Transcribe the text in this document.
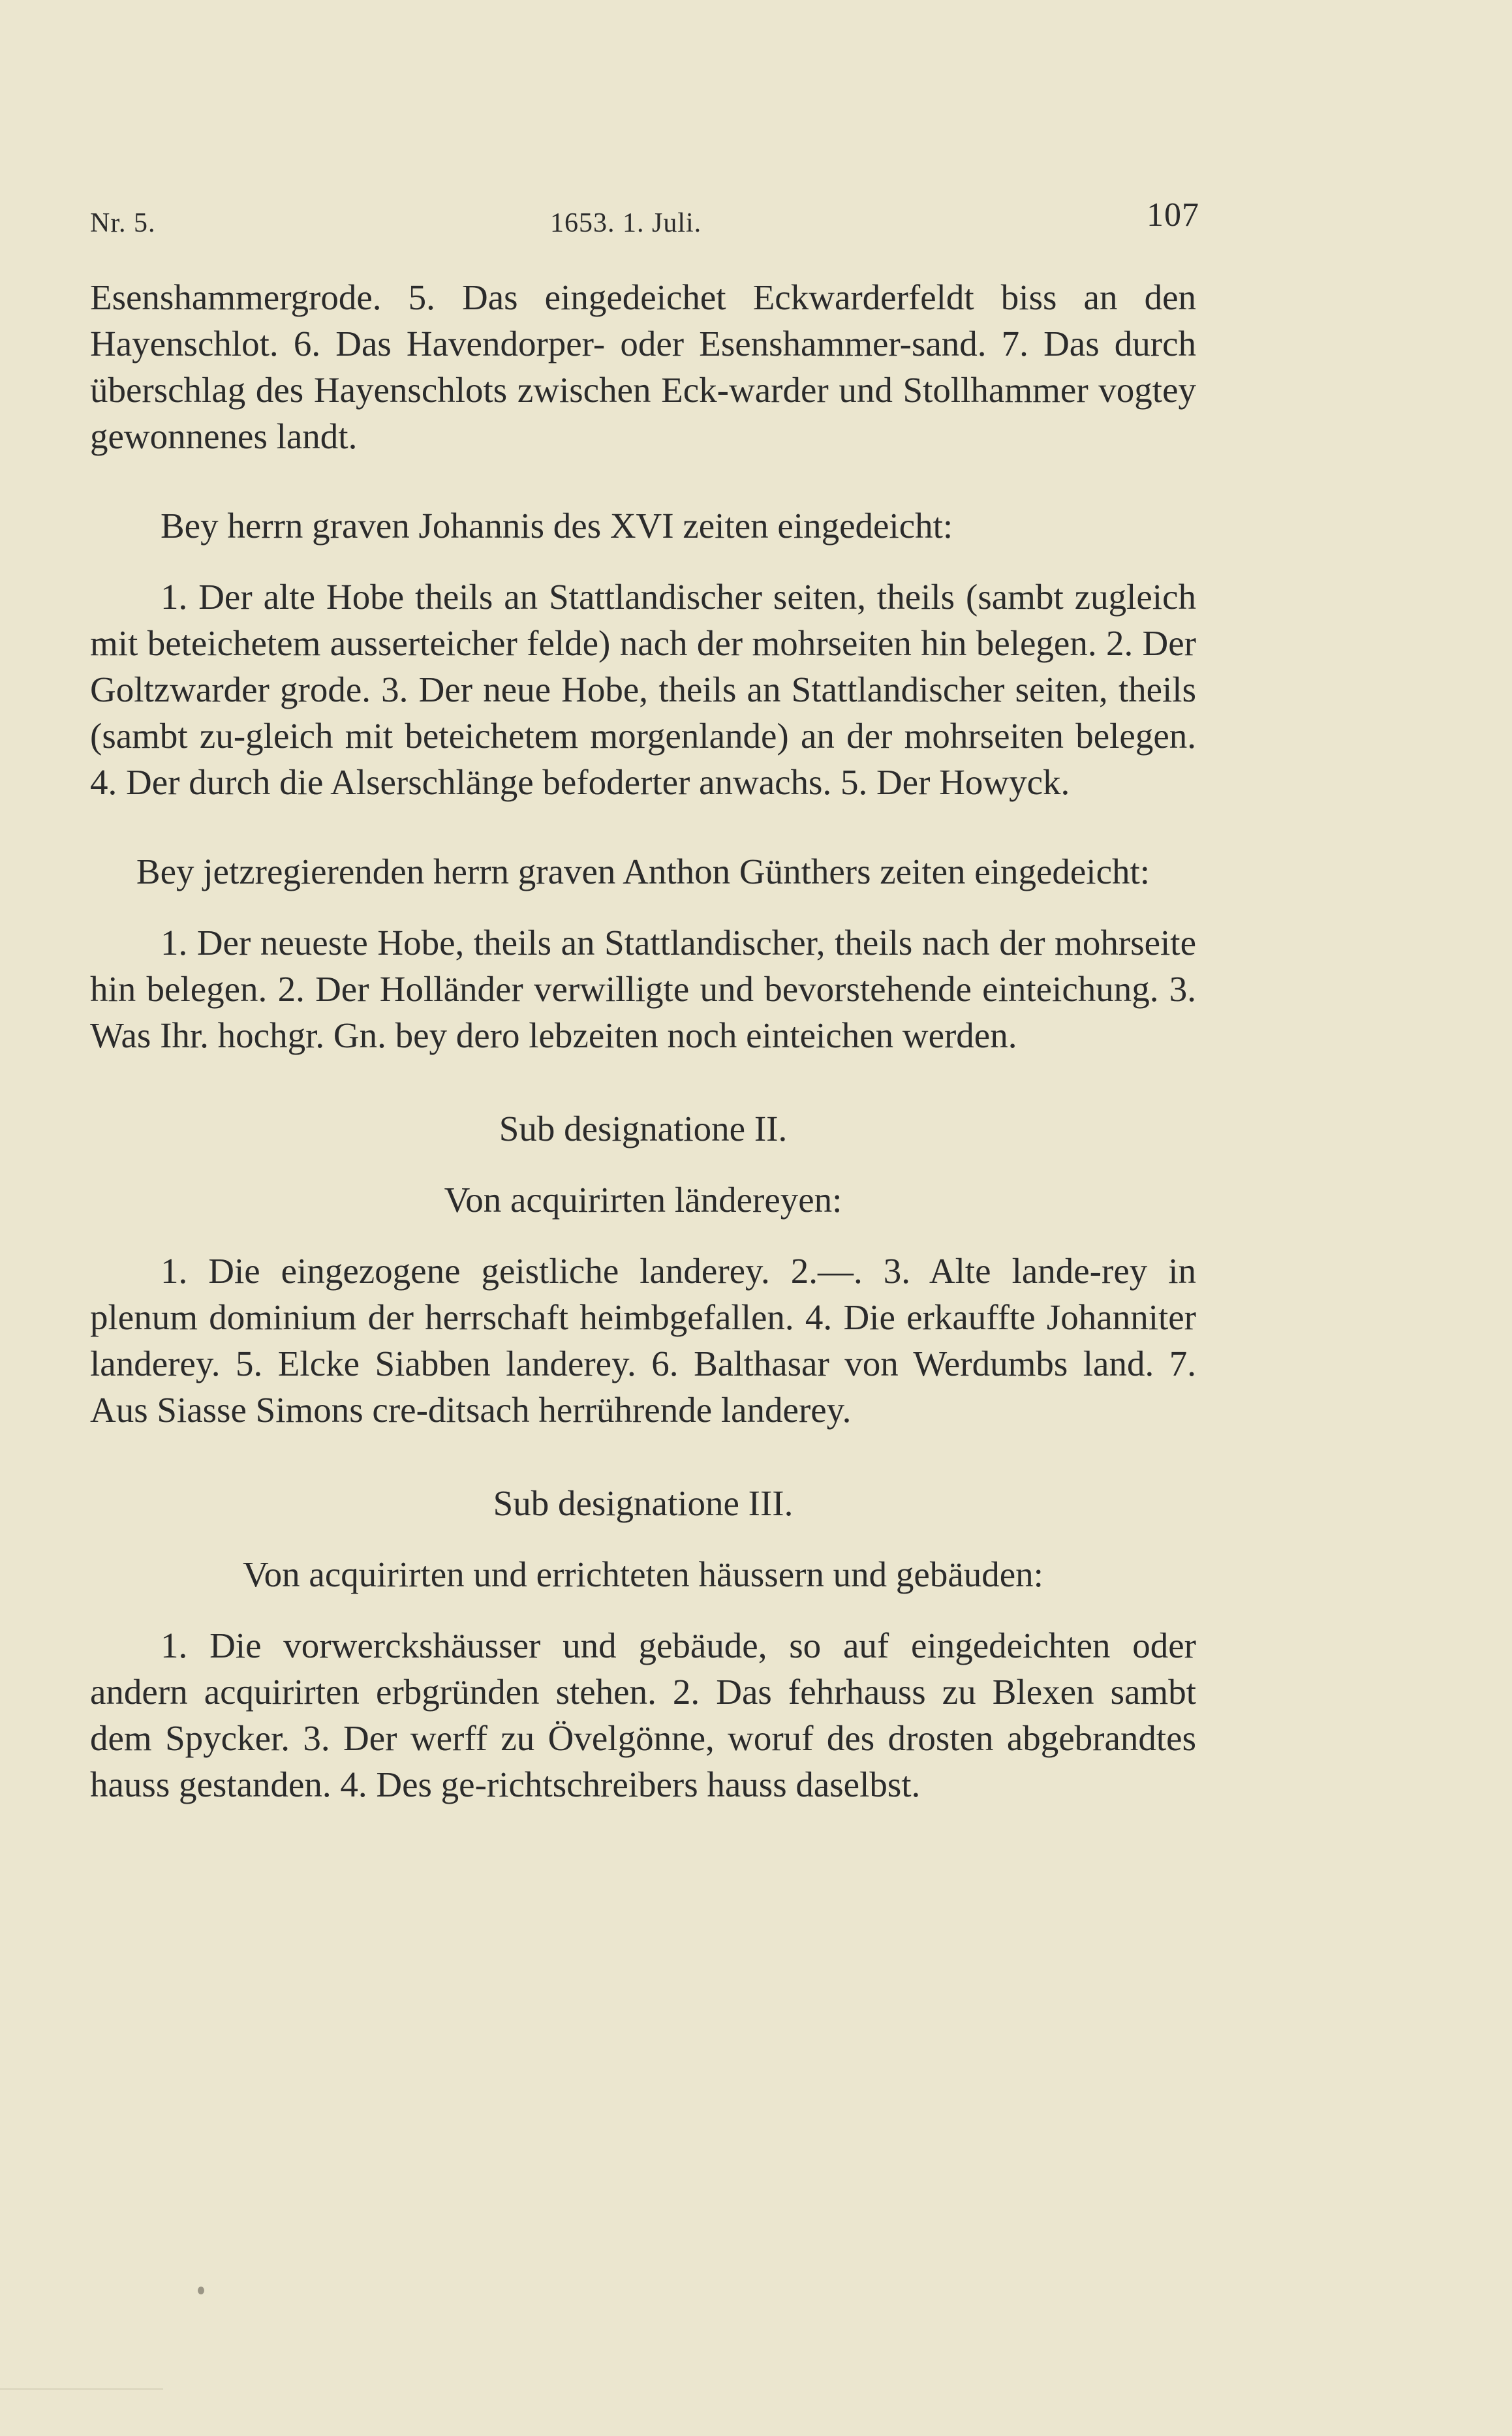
Nr. 5.	1653. 1. Juli.	107

Esenshammergrode. 5. Das eingedeichet Eckwarderfeldt biss an den Hayenschlot. 6. Das Havendorper- oder Esenshammer-sand. 7. Das durch überschlag des Hayenschlots zwischen Eck-warder und Stollhammer vogtey gewonnenes landt.

Bey herrn graven Johannis des XVI zeiten eingedeicht:

1. Der alte Hobe theils an Stattlandischer seiten, theils (sambt zugleich mit beteichetem ausserteicher felde) nach der mohrseiten hin belegen. 2. Der Goltzwarder grode. 3. Der neue Hobe, theils an Stattlandischer seiten, theils (sambt zu-gleich mit beteichetem morgenlande) an der mohrseiten belegen. 4. Der durch die Alserschlänge befoderter anwachs. 5. Der Howyck.

Bey jetzregierenden herrn graven Anthon Günthers zeiten eingedeicht:

1. Der neueste Hobe, theils an Stattlandischer, theils nach der mohrseite hin belegen. 2. Der Holländer verwilligte und bevorstehende einteichung. 3. Was Ihr. hochgr. Gn. bey dero lebzeiten noch einteichen werden.

Sub designatione II.

Von acquirirten ländereyen:

1. Die eingezogene geistliche landerey. 2.—. 3. Alte lande-rey in plenum dominium der herrschaft heimbgefallen. 4. Die erkauffte Johanniter landerey. 5. Elcke Siabben landerey. 6. Balthasar von Werdumbs land. 7. Aus Siasse Simons cre-ditsach herrührende landerey.

Sub designatione III.

Von acquirirten und errichteten häussern und gebäuden:

1. Die vorwerckshäusser und gebäude, so auf eingedeichten oder andern acquirirten erbgründen stehen. 2. Das fehrhauss zu Blexen sambt dem Spycker. 3. Der werff zu Övelgönne, woruf des drosten abgebrandtes hauss gestanden. 4. Des ge-richtschreibers hauss daselbst.
